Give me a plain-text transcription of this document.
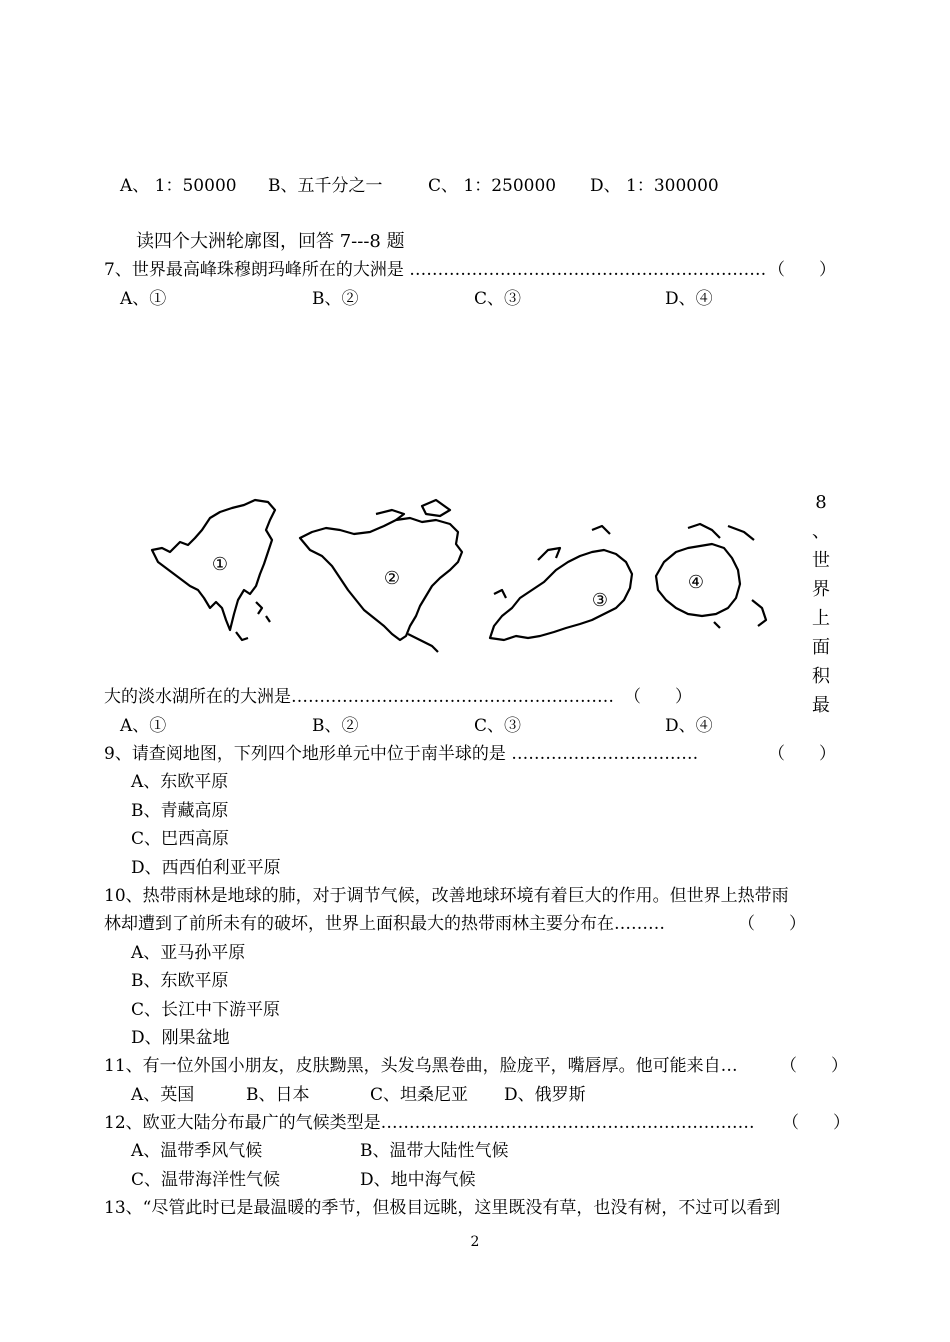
A、 1：50000 B、五千分之一	C、 1：250000 D、 1：300000
读四个大洲轮廓图，回答 7---8 题
7、世界最高峰珠穆朗玛峰所在的大洲是 ……………………………………………………… （　　）
A、①	B、②	C、③	D、④
①
②
③
④
8 、
世
界
上
面
积
最
大的淡水湖所在的大洲是………………………………………………… （　　）
A、①	B、②	C、③	D、④
9、请查阅地图，下列四个地形单元中位于南半球的是 ……………………………	（　　）
A、东欧平原
B、青藏高原
C、巴西高原
D、西西伯利亚平原
10、热带雨林是地球的肺，对于调节气候，改善地球环境有着巨大的作用。但世界上热带雨
林却遭到了前所未有的破坏，世界上面积最大的热带雨林主要分布在………	（　　）
A、亚马孙平原
B、东欧平原
C、长江中下游平原
D、刚果盆地
11、有一位外国小朋友，皮肤黝黑，头发乌黑卷曲，脸庞平，嘴唇厚。他可能来自… （　　）
A、英国	B、日本	C、坦桑尼亚 D、俄罗斯
12、欧亚大陆分布最广的气候类型是………………………………………………………… （　　）
A、温带季风气候	B、温带大陆性气候
C、温带海洋性气候	D、地中海气候
13、“尽管此时已是最温暖的季节，但极目远眺，这里既没有草，也没有树，不过可以看到
2
